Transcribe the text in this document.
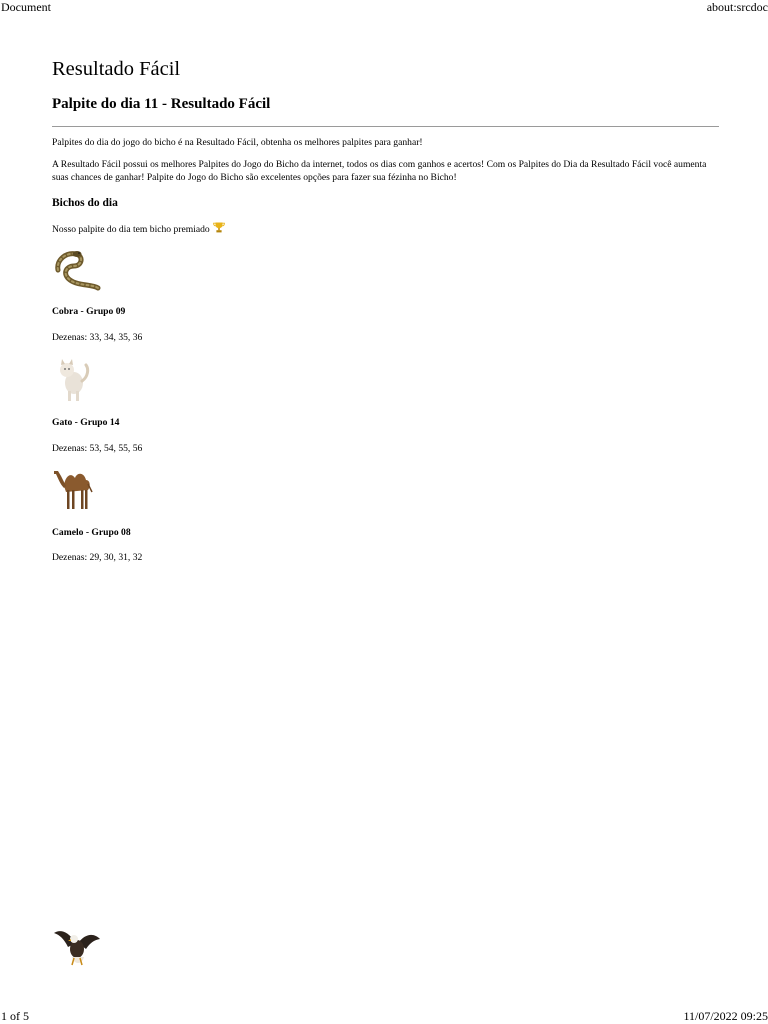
Document	about:srcdoc
Resultado Fácil
Palpite do dia 11 - Resultado Fácil

Palpites do dia do jogo do bicho é na Resultado Fácil, obtenha os melhores palpites para ganhar!

A Resultado Fácil possui os melhores Palpites do Jogo do Bicho da internet, todos os dias com ganhos e acertos! Com os Palpites do Dia da Resultado Fácil você aumenta suas chances de ganhar! Palpite do Jogo do Bicho são excelentes opções para fazer sua fézinha no Bicho!

Bichos do dia

Nosso palpite do dia tem bicho premiado

Cobra - Grupo 09
Dezenas: 33, 34, 35, 36
Gato - Grupo 14
Dezenas: 53, 54, 55, 56
Camelo - Grupo 08
Dezenas: 29, 30, 31, 32
1 of 5	11/07/2022 09:25
